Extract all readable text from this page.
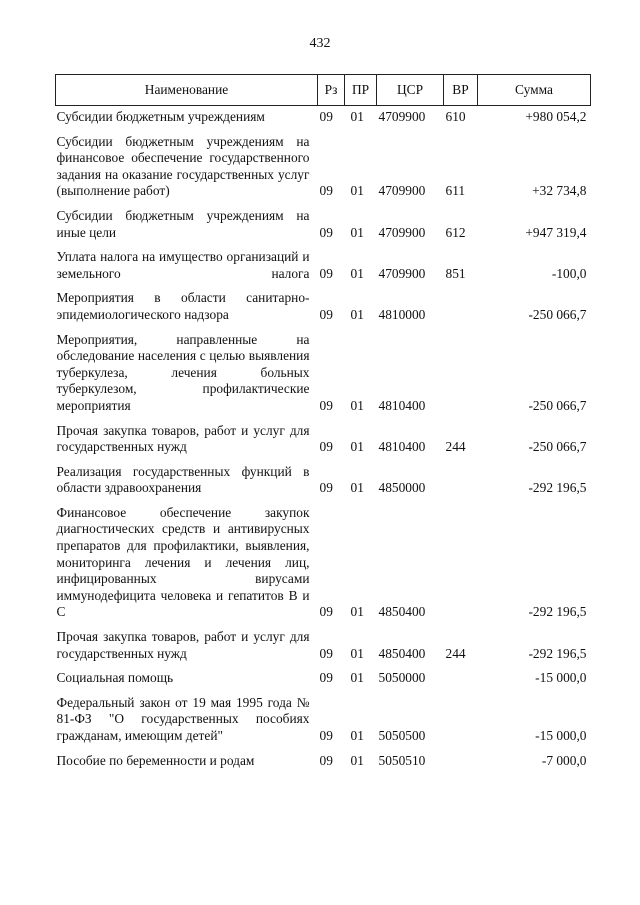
432
Наименование	Рз	ПР	ЦСР	ВР	Сумма
Субсидии бюджетным учреждениям	09	01	4709900	610	+980 054,2
Субсидии бюджетным учреждениям на финансовое обеспечение государственного задания на оказание государственных услуг (выполнение работ)	09	01	4709900	611	+32 734,8
Субсидии бюджетным учреждениям на иные цели	09	01	4709900	612	+947 319,4
Уплата налога на имущество организаций и земельного налога	09	01	4709900	851	-100,0
Мероприятия в области санитарно-эпидемиологического надзора	09	01	4810000		-250 066,7
Мероприятия, направленные на обследование населения с целью выявления туберкулеза, лечения больных туберкулезом, профилактические мероприятия	09	01	4810400		-250 066,7
Прочая закупка товаров, работ и услуг для государственных нужд	09	01	4810400	244	-250 066,7
Реализация государственных функций в области здравоохранения	09	01	4850000		-292 196,5
Финансовое обеспечение закупок диагностических средств и антивирусных препаратов для профилактики, выявления, мониторинга лечения и лечения лиц, инфицированных вирусами иммунодефицита человека и гепатитов В и С	09	01	4850400		-292 196,5
Прочая закупка товаров, работ и услуг для государственных нужд	09	01	4850400	244	-292 196,5
Социальная помощь	09	01	5050000		-15 000,0
Федеральный закон от 19 мая 1995 года № 81-ФЗ "О государственных пособиях гражданам, имеющим детей"	09	01	5050500		-15 000,0
Пособие по беременности и родам	09	01	5050510		-7 000,0
